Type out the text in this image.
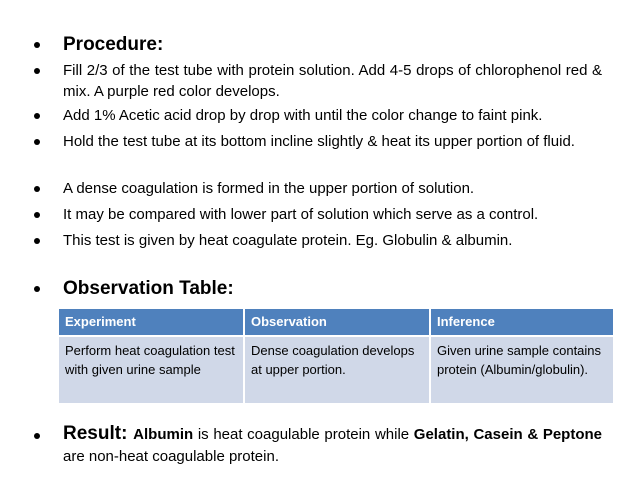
Procedure:
Fill 2/3 of the test tube with protein solution. Add 4-5 drops of chlorophenol red & mix. A purple red color develops.
Add 1% Acetic acid drop by drop with until the color change to faint pink.
Hold the test tube at its bottom incline slightly & heat its upper portion of fluid.
A dense coagulation is formed in the upper portion of solution.
It may be compared with lower part of solution which serve as a control.
This test is given by heat coagulate protein. Eg. Globulin & albumin.
Observation Table:
Experiment	Observation	Inference
Perform heat coagulation test with given urine sample	Dense coagulation develops at upper portion.	Given urine sample contains protein (Albumin/globulin).
Result: Albumin is heat coagulable protein while Gelatin, Casein & Peptone are non-heat coagulable protein.
